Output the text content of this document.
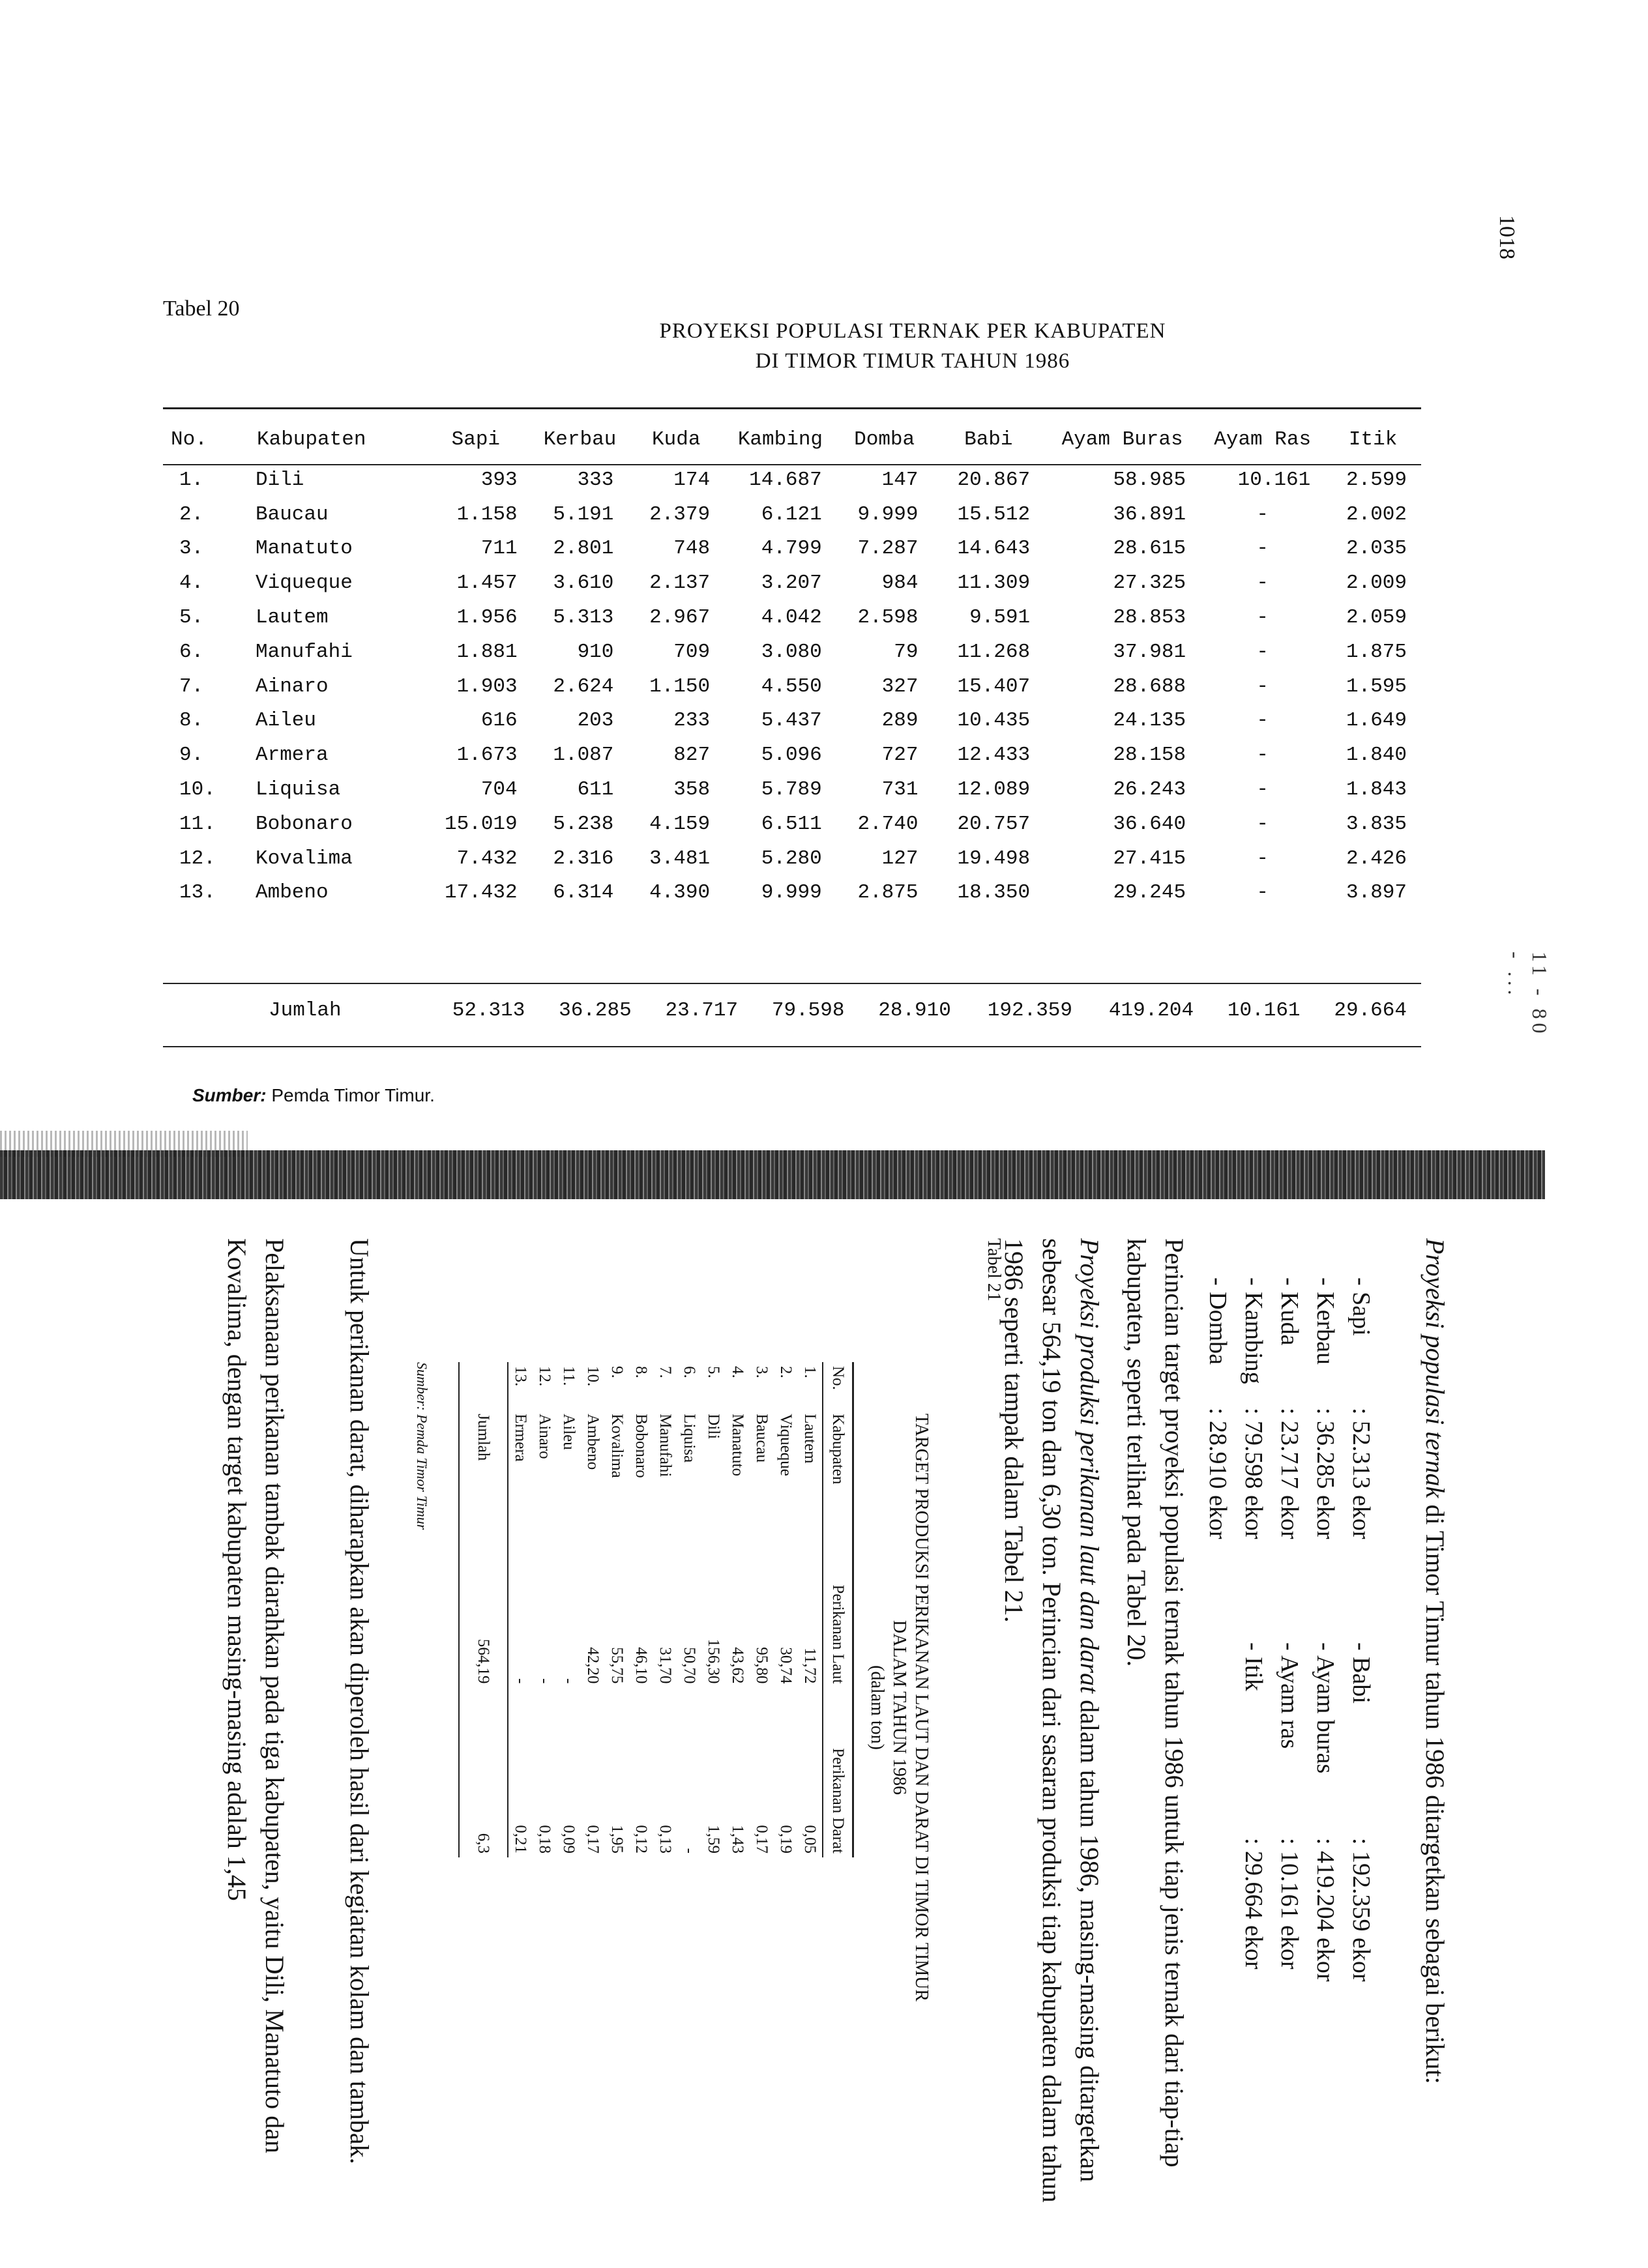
1018
11 - 80 - ...
Tabel 20
PROYEKSI POPULASI TERNAK PER KABUPATEN
DI TIMOR TIMUR TAHUN 1986
No.	Kabupaten	Sapi	Kerbau	Kuda	Kambing	Domba	Babi	Ayam Buras	Ayam Ras	Itik
1.	Dili	393	333	174	14.687	147	20.867	58.985	10.161	2.599
2.	Baucau	1.158	5.191	2.379	6.121	9.999	15.512	36.891	-	2.002
3.	Manatuto	711	2.801	748	4.799	7.287	14.643	28.615	-	2.035
4.	Viqueque	1.457	3.610	2.137	3.207	984	11.309	27.325	-	2.009
5.	Lautem	1.956	5.313	2.967	4.042	2.598	9.591	28.853	-	2.059
6.	Manufahi	1.881	910	709	3.080	79	11.268	37.981	-	1.875
7.	Ainaro	1.903	2.624	1.150	4.550	327	15.407	28.688	-	1.595
8.	Aileu	616	203	233	5.437	289	10.435	24.135	-	1.649
9.	Armera	1.673	1.087	827	5.096	727	12.433	28.158	-	1.840
10.	Liquisa	704	611	358	5.789	731	12.089	26.243	-	1.843
11.	Bobonaro	15.019	5.238	4.159	6.511	2.740	20.757	36.640	-	3.835
12.	Kovalima	7.432	2.316	3.481	5.280	127	19.498	27.415	-	2.426
13.	Ambeno	17.432	6.314	4.390	9.999	2.875	18.350	29.245	-	3.897
	Jumlah	52.313	36.285	23.717	79.598	28.910	192.359	419.204	10.161	29.664
Sumber: Pemda Timor Timur.
Proyeksi populasi ternak di Timor Timur tahun 1986 ditargetkan sebagai berikut:
- Sapi: 52.313 ekor
- Kerbau: 36.285 ekor
- Kuda: 23.717 ekor
- Kambing: 79.598 ekor
- Domba: 28.910 ekor
- Babi: 192.359 ekor
- Ayam buras: 419.204 ekor
- Ayam ras: 10.161 ekor
- Itik: 29.664 ekor
Perincian target proyeksi populasi ternak tahun 1986 untuk tiap jenis ternak dari tiap-tiap kabupaten, seperti terlihat pada Tabel 20.
Proyeksi produksi perikanan laut dan darat dalam tahun 1986, masing-masing ditargetkan sebesar 564,19 ton dan 6,30 ton. Perincian dari sasaran produksi tiap kabupaten dalam tahun 1986 seperti tampak dalam Tabel 21.
Tabel 21
TARGET PRODUKSI PERIKANAN LAUT DAN DARAT DI TIMOR TIMUR
DALAM TAHUN 1986
(dalam ton)
No.	Kabupaten	Perikanan Laut	Perikanan Darat
1.	Lautem	11,72	0,05
2.	Viqueque	30,74	0,19
3.	Baucau	95,80	0,17
4.	Manatuto	43,62	1,43
5.	Dili	156,30	1,59
6.	Liquisa	50,70	-
7.	Manufahi	31,70	0,13
8.	Bobonaro	46,10	0,12
9.	Kovalima	55,75	1,95
10.	Ambeno	42,20	0,17
11.	Aileu	-	0,09
12.	Ainaro	-	0,18
13.	Ermera	-	0,21
	Jumlah	564,19	6,3
Sumber: Pemda Timor Timur
Untuk perikanan darat, diharapkan akan diperoleh hasil dari kegiatan kolam dan tambak.
Pelaksanaan perikanan tambak diarahkan pada tiga kabupaten, yaitu Dili, Manatuto dan Kovalima, dengan target kabupaten masing-masing adalah 1,45
